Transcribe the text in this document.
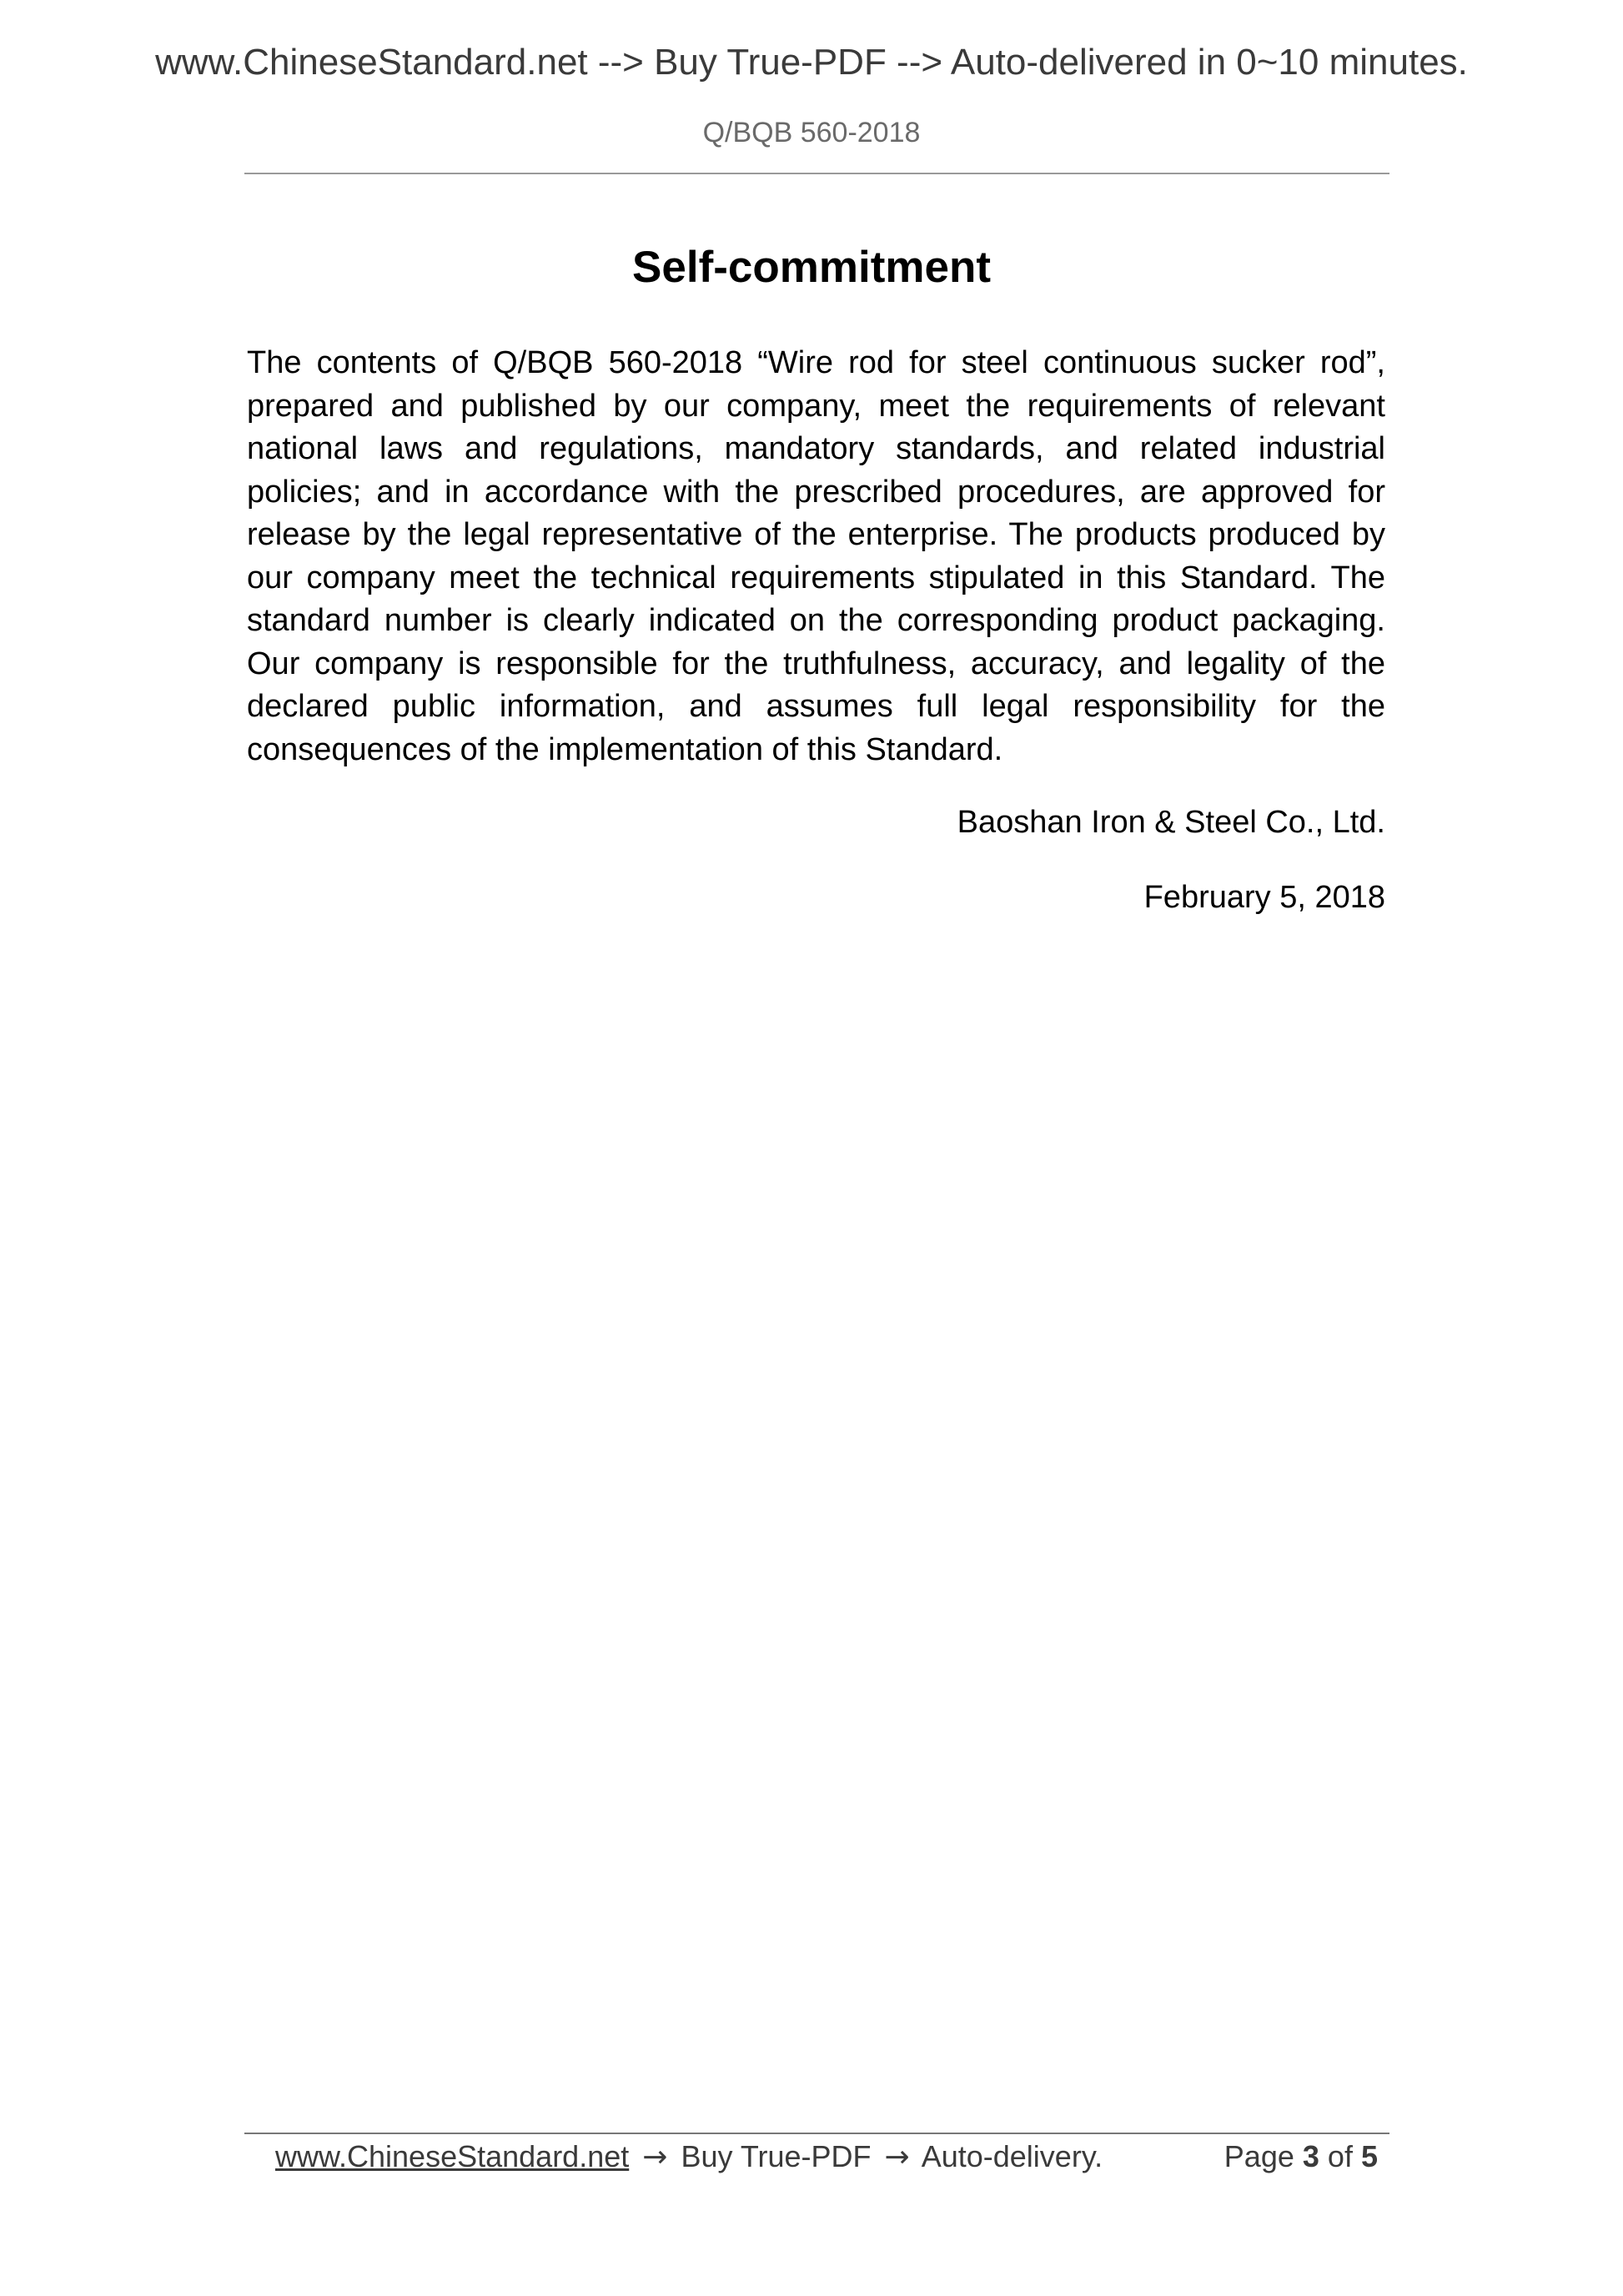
www.ChineseStandard.net --> Buy True-PDF --> Auto-delivered in 0~10 minutes.
Q/BQB 560-2018
Self-commitment

The contents of Q/BQB 560-2018 “Wire rod for steel continuous sucker rod”, prepared and published by our company, meet the requirements of relevant national laws and regulations, mandatory standards, and related industrial policies; and in accordance with the prescribed procedures, are approved for release by the legal representative of the enterprise. The products produced by our company meet the technical requirements stipulated in this Standard. The standard number is clearly indicated on the corresponding product packaging. Our company is responsible for the truthfulness, accuracy, and legality of the declared public information, and assumes full legal responsibility for the consequences of the implementation of this Standard.

Baoshan Iron & Steel Co., Ltd.
February 5, 2018
www.ChineseStandard.net → Buy True-PDF → Auto-delivery.	Page 3 of 5
